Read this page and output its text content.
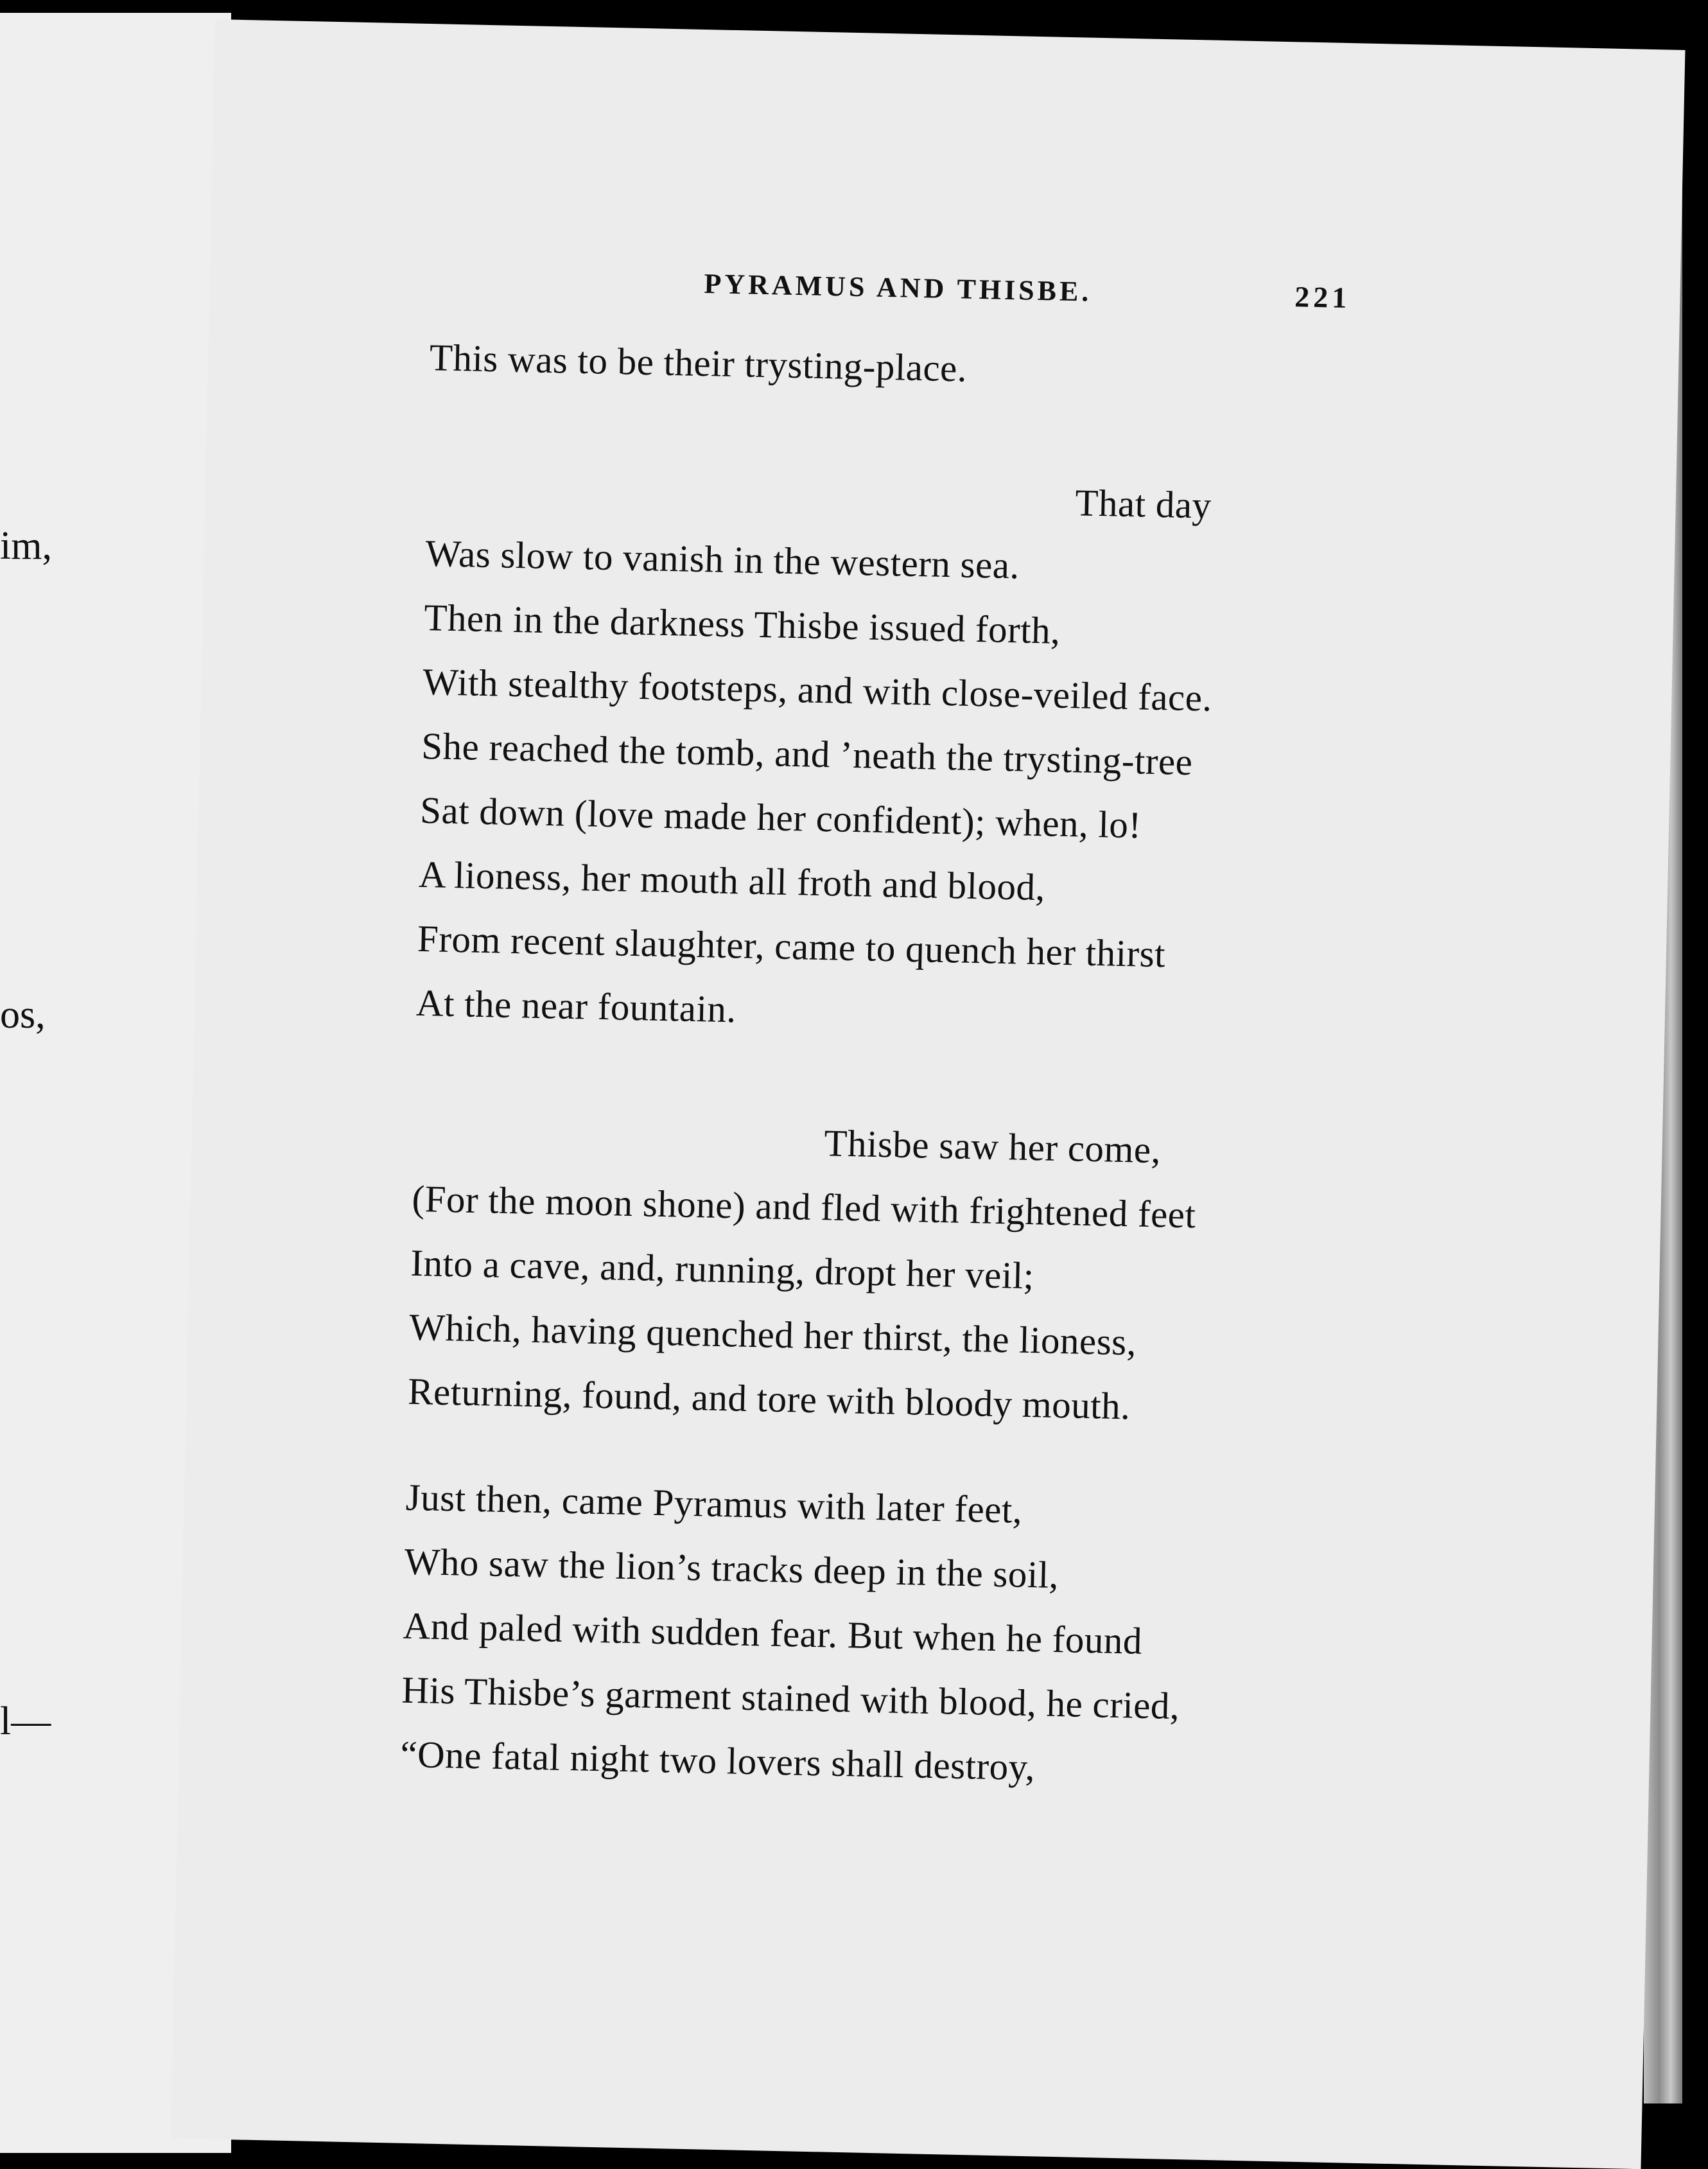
im,
os,
l—
PYRAMUS AND THISBE.	221
This was to be their trysting-place.
That day
Was slow to vanish in the western sea.
Then in the darkness Thisbe issued forth,
With stealthy footsteps, and with close-veiled face.
She reached the tomb, and ’neath the trysting-tree
Sat down (love made her confident); when, lo!
A lioness, her mouth all froth and blood,
From recent slaughter, came to quench her thirst
At the near fountain.
Thisbe saw her come,
(For the moon shone) and fled with frightened feet
Into a cave, and, running, dropt her veil;
Which, having quenched her thirst, the lioness,
Returning, found, and tore with bloody mouth.
Just then, came Pyramus with later feet,
Who saw the lion’s tracks deep in the soil,
And paled with sudden fear. But when he found
His Thisbe’s garment stained with blood, he cried,
“One fatal night two lovers shall destroy,
